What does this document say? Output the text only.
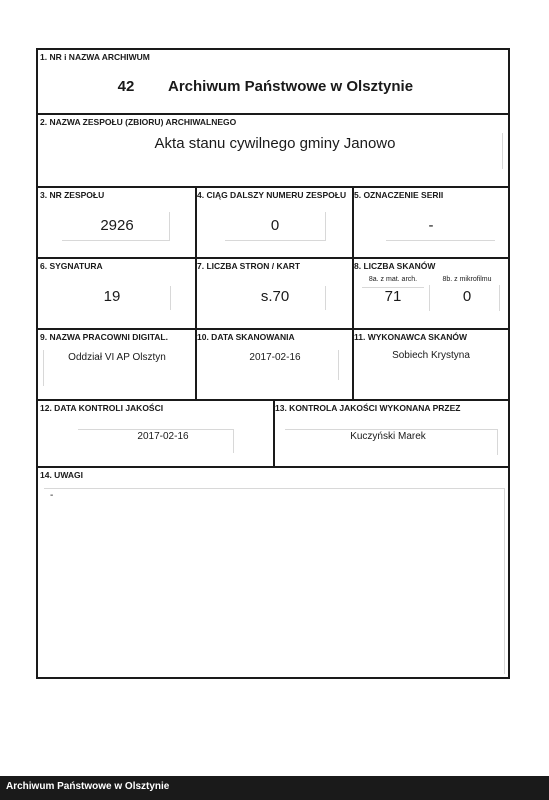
1. NR i NAZWA ARCHIWUM
42	Archiwum Państwowe w Olsztynie
2. NAZWA ZESPOŁU (ZBIORU) ARCHIWALNEGO
Akta stanu cywilnego gminy Janowo
3. NR ZESPOŁU
2926
4. CIĄG DALSZY NUMERU ZESPOŁU
0
5. OZNACZENIE SERII
-
6. SYGNATURA
19
7. LICZBA STRON / KART
s.70
8. LICZBA SKANÓW
8a. z mat. arch.	8b. z mikrofilmu
71	0
9. NAZWA PRACOWNI DIGITAL.
Oddział VI AP Olsztyn
10. DATA SKANOWANIA
2017-02-16
11. WYKONAWCA SKANÓW
Sobiech Krystyna
12. DATA KONTROLI JAKOŚCI
2017-02-16
13. KONTROLA JAKOŚCI WYKONANA PRZEZ
Kuczyński Marek
14. UWAGI
-
Archiwum Państwowe w Olsztynie
